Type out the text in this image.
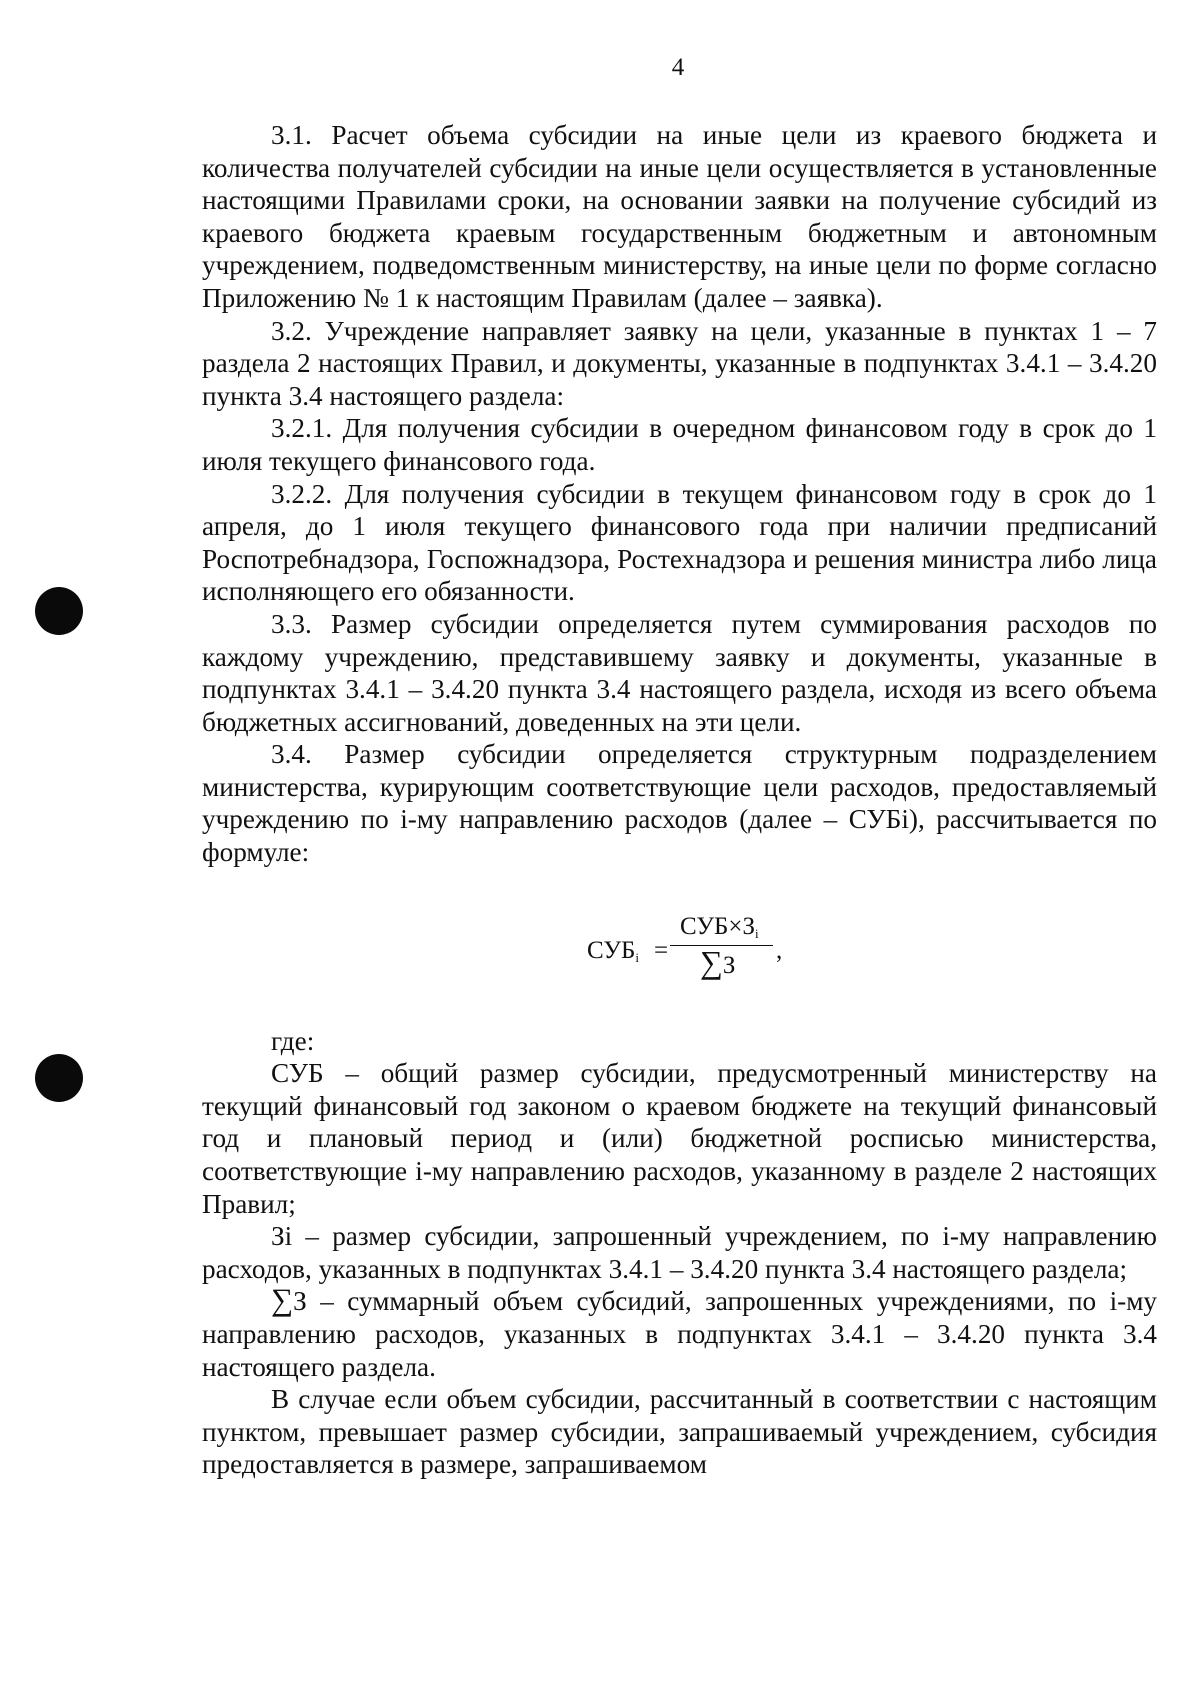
4

3.1. Расчет объема субсидии на иные цели из краевого бюджета и количества получателей субсидии на иные цели осуществляется в установленные настоящими Правилами сроки, на основании заявки на получение субсидий из краевого бюджета краевым государственным бюджетным и автономным учреждением, подведомственным министерству, на иные цели по форме согласно Приложению № 1 к настоящим Правилам (далее – заявка).

3.2. Учреждение направляет заявку на цели, указанные в пунктах 1 – 7 раздела 2 настоящих Правил, и документы, указанные в подпунктах 3.4.1 – 3.4.20 пункта 3.4 настоящего раздела:

3.2.1. Для получения субсидии в очередном финансовом году в срок до 1 июля текущего финансового года.

3.2.2. Для получения субсидии в текущем финансовом году в срок до 1 апреля, до 1 июля текущего финансового года при наличии предписаний Роспотребнадзора, Госпожнадзора, Ростехнадзора и решения министра либо лица исполняющего его обязанности.

3.3. Размер субсидии определяется путем суммирования расходов по каждому учреждению, представившему заявку и документы, указанные в подпунктах 3.4.1 – 3.4.20 пункта 3.4 настоящего раздела, исходя из всего объема бюджетных ассигнований, доведенных на эти цели.

3.4. Размер субсидии определяется структурным подразделением министерства, курирующим соответствующие цели расходов, предоставляемый учреждению по i-му направлению расходов (далее – СУБi), рассчитывается по формуле:

$СУБ_i$ =
$СУБ\times З_i$
∑З
,

где:

СУБ – общий размер субсидии, предусмотренный министерству на текущий финансовый год законом о краевом бюджете на текущий финансовый год и плановый период и (или) бюджетной росписью министерства, соответствующие i-му направлению расходов, указанному в разделе 2 настоящих Правил;

Зi – размер субсидии, запрошенный учреждением, по i-му направлению расходов, указанных в подпунктах 3.4.1 – 3.4.20 пункта 3.4 настоящего раздела;

∑З – суммарный объем субсидий, запрошенных учреждениями, по i-му направлению расходов, указанных в подпунктах 3.4.1 – 3.4.20 пункта 3.4 настоящего раздела.

В случае если объем субсидии, рассчитанный в соответствии с настоящим пунктом, превышает размер субсидии, запрашиваемый учреждением, субсидия предоставляется в размере, запрашиваемом
